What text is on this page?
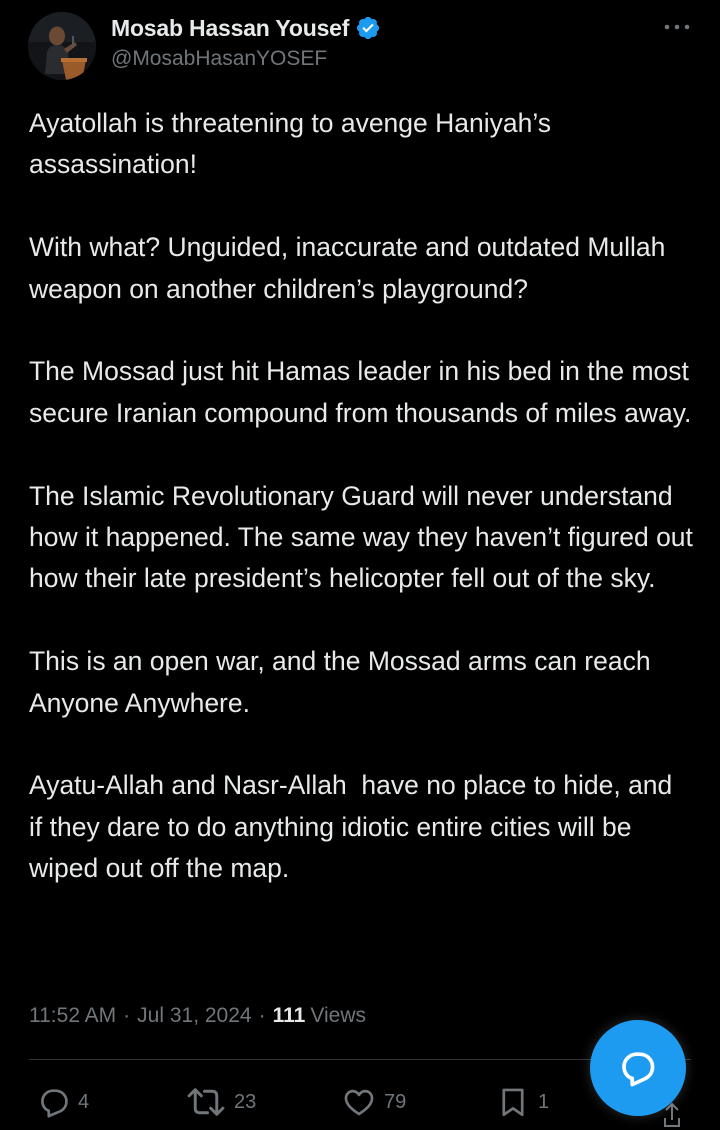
Mosab Hassan Yousef
@MosabHasanYOSEF

Ayatollah is threatening to avenge Haniyah’s assassination!

With what? Unguided, inaccurate and outdated Mullah weapon on another children’s playground?

The Mossad just hit Hamas leader in his bed in the most secure Iranian compound from thousands of miles away.

The Islamic Revolutionary Guard will never understand how it happened. The same way they haven’t figured out how their late president’s helicopter fell out of the sky.

This is an open war, and the Mossad arms can reach Anyone Anywhere.

Ayatu-Allah and Nasr-Allah  have no place to hide, and  if they dare to do anything idiotic entire cities will be wiped out off the map.

11:52 AM · Jul 31, 2024 · 111 Views
4	23	79	1
